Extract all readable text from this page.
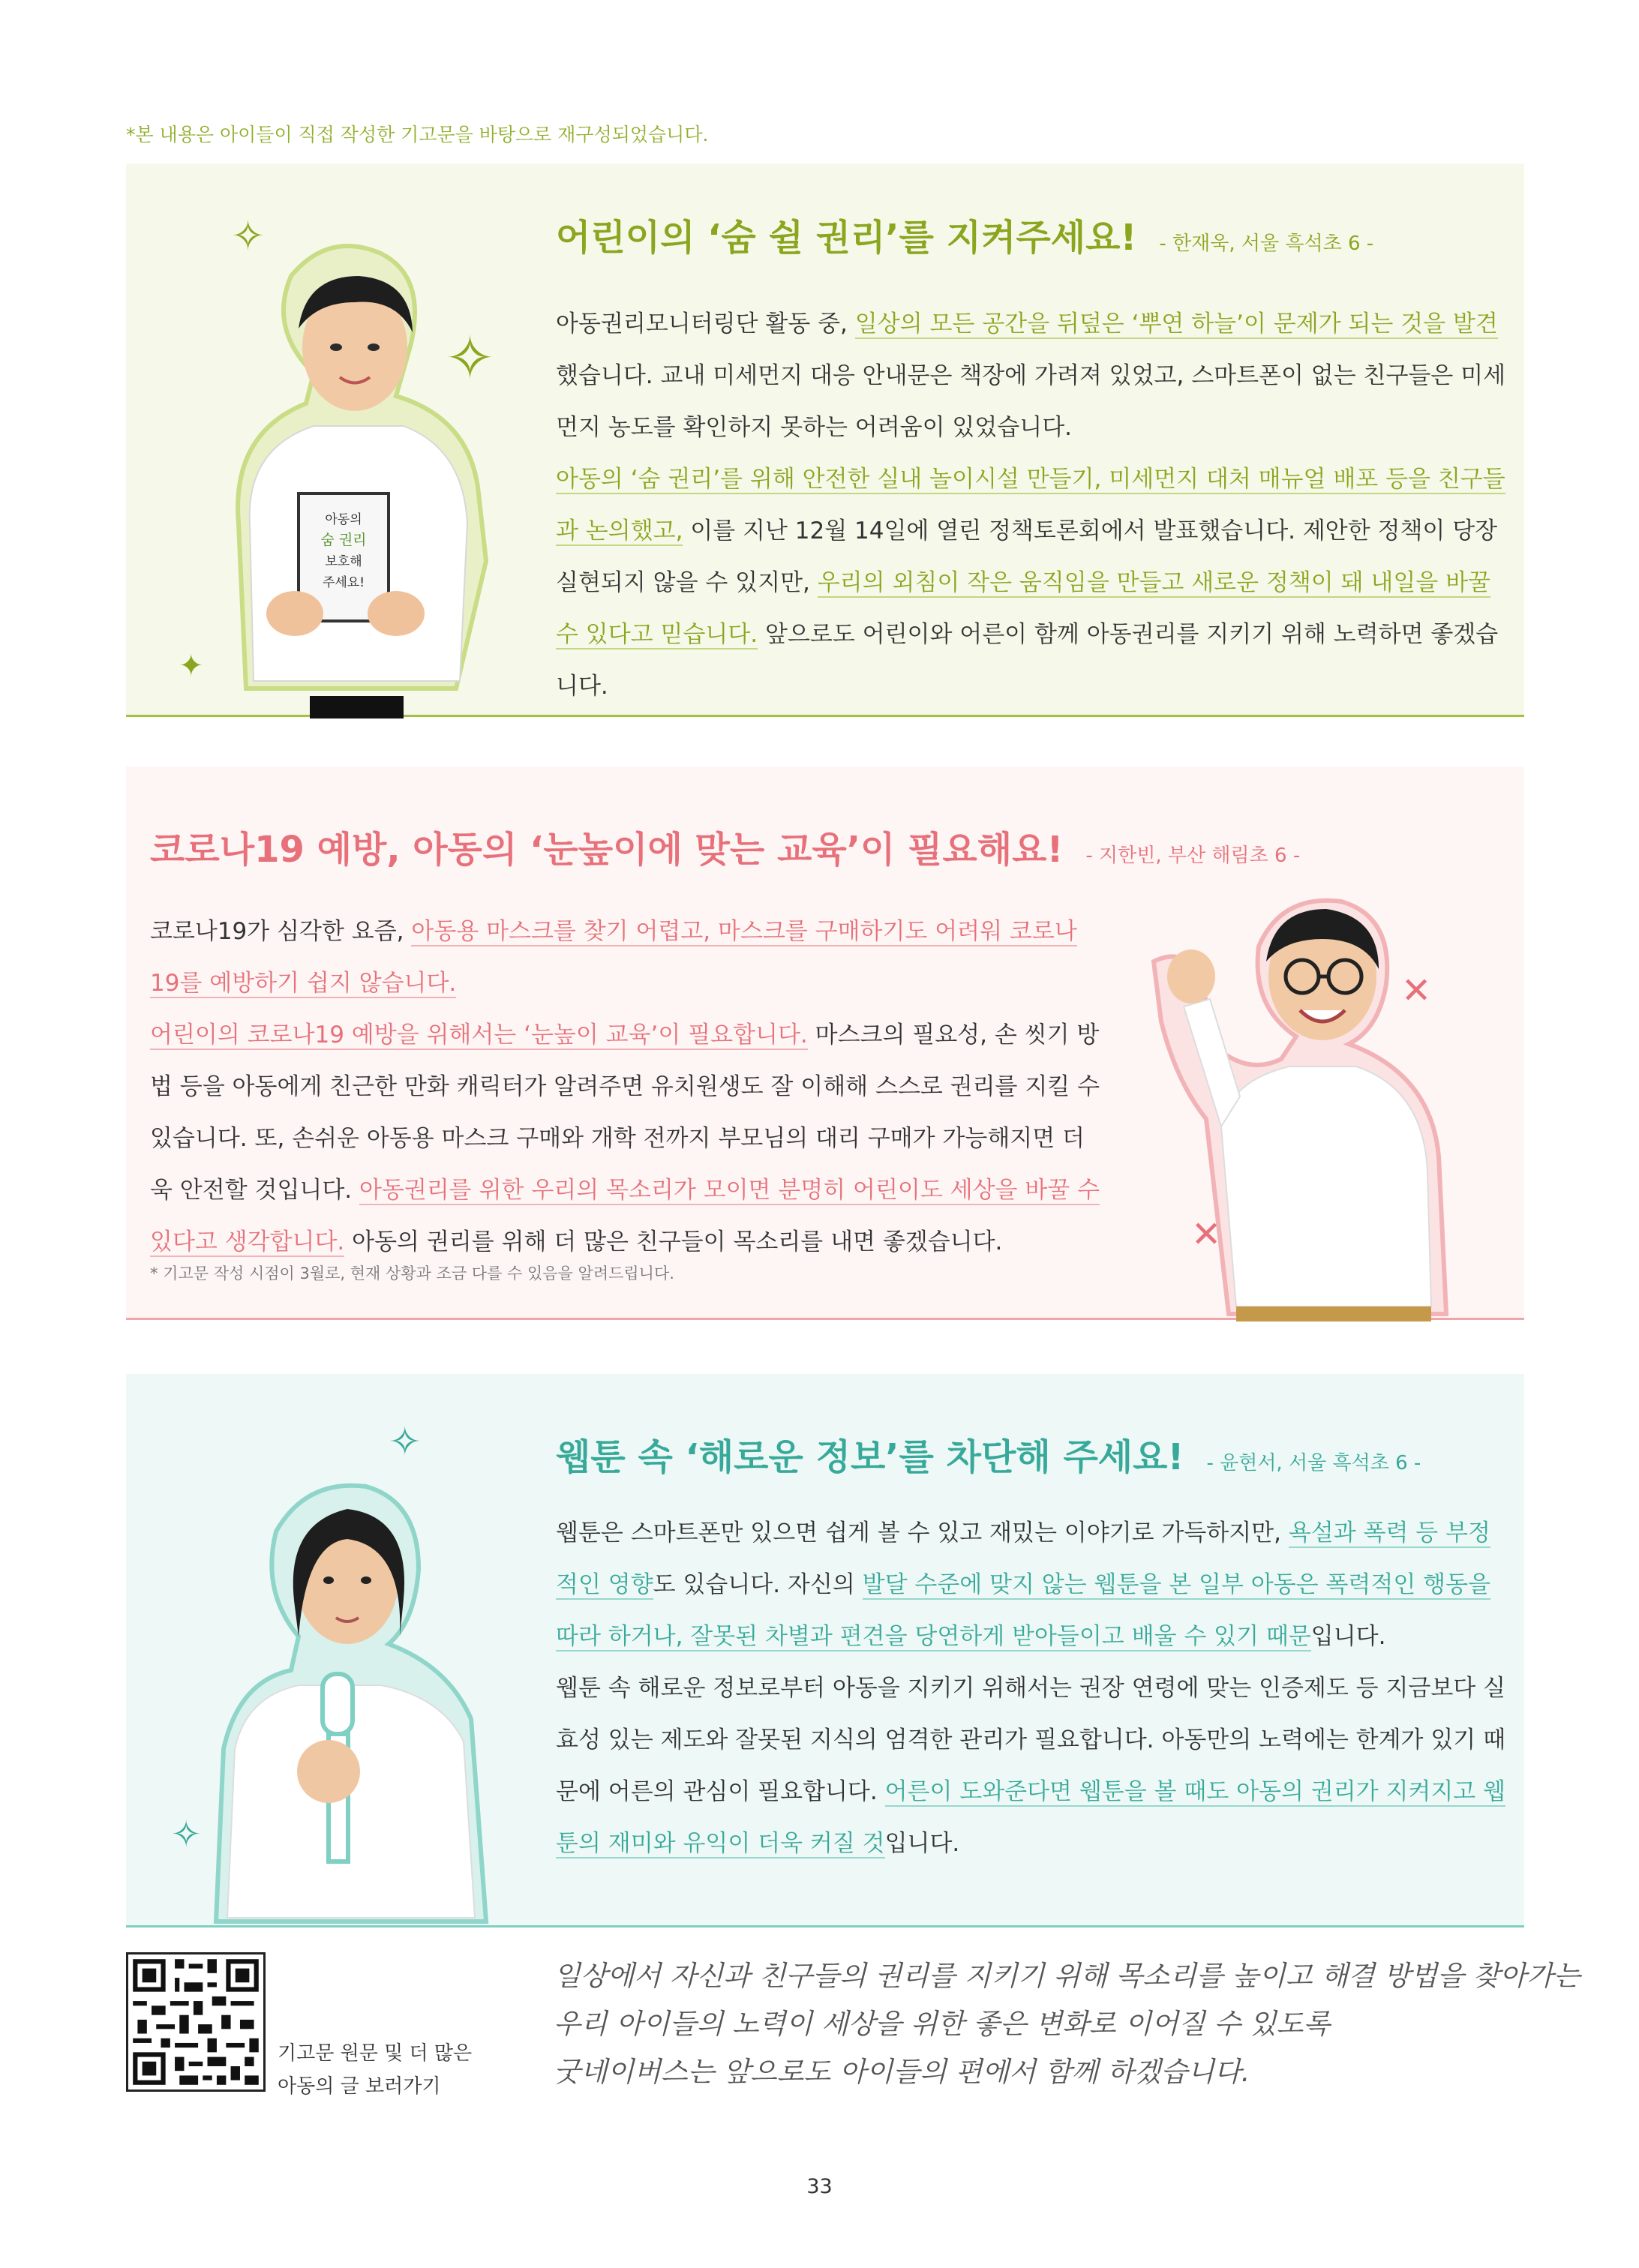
*본 내용은 아이들이 직접 작성한 기고문을 바탕으로 재구성되었습니다.
어린이의 ‘숨 쉴 권리’를 지켜주세요! - 한재욱, 서울 흑석초 6 -
아동권리모니터링단 활동 중, 일상의 모든 공간을 뒤덮은 ‘뿌연 하늘’이 문제가 되는 것을 발견했습니다. 교내 미세먼지 대응 안내문은 책장에 가려져 있었고, 스마트폰이 없는 친구들은 미세먼지 농도를 확인하지 못하는 어려움이 있었습니다.
아동의 ‘숨 권리’를 위해 안전한 실내 놀이시설 만들기, 미세먼지 대처 매뉴얼 배포 등을 친구들과 논의했고, 이를 지난 12월 14일에 열린 정책토론회에서 발표했습니다. 제안한 정책이 당장 실현되지 않을 수 있지만, 우리의 외침이 작은 움직임을 만들고 새로운 정책이 돼 내일을 바꿀 수 있다고 믿습니다. 앞으로도 어린이와 어른이 함께 아동권리를 지키기 위해 노력하면 좋겠습니다.
아동의
숨 권리
보호해
주세요!
✧
✧
✦
코로나19 예방, 아동의 ‘눈높이에 맞는 교육’이 필요해요! - 지한빈, 부산 해림초 6 -
코로나19가 심각한 요즘, 아동용 마스크를 찾기 어렵고, 마스크를 구매하기도 어려워 코로나19를 예방하기 쉽지 않습니다.
어린이의 코로나19 예방을 위해서는 ‘눈높이 교육’이 필요합니다. 마스크의 필요성, 손 씻기 방법 등을 아동에게 친근한 만화 캐릭터가 알려주면 유치원생도 잘 이해해 스스로 권리를 지킬 수 있습니다. 또, 손쉬운 아동용 마스크 구매와 개학 전까지 부모님의 대리 구매가 가능해지면 더욱 안전할 것입니다. 아동권리를 위한 우리의 목소리가 모이면 분명히 어린이도 세상을 바꿀 수 있다고 생각합니다. 아동의 권리를 위해 더 많은 친구들이 목소리를 내면 좋겠습니다.
* 기고문 작성 시점이 3월로, 현재 상황과 조금 다를 수 있음을 알려드립니다.
✕
✕
웹툰 속 ‘해로운 정보’를 차단해 주세요! - 윤현서, 서울 흑석초 6 -
웹툰은 스마트폰만 있으면 쉽게 볼 수 있고 재밌는 이야기로 가득하지만, 욕설과 폭력 등 부정적인 영향도 있습니다. 자신의 발달 수준에 맞지 않는 웹툰을 본 일부 아동은 폭력적인 행동을 따라 하거나, 잘못된 차별과 편견을 당연하게 받아들이고 배울 수 있기 때문입니다.
웹툰 속 해로운 정보로부터 아동을 지키기 위해서는 권장 연령에 맞는 인증제도 등 지금보다 실효성 있는 제도와 잘못된 지식의 엄격한 관리가 필요합니다. 아동만의 노력에는 한계가 있기 때문에 어른의 관심이 필요합니다. 어른이 도와준다면 웹툰을 볼 때도 아동의 권리가 지켜지고 웹툰의 재미와 유익이 더욱 커질 것입니다.
✧
✧
기고문 원문 및 더 많은
아동의 글 보러가기
일상에서 자신과 친구들의 권리를 지키기 위해 목소리를 높이고 해결 방법을 찾아가는
우리 아이들의 노력이 세상을 위한 좋은 변화로 이어질 수 있도록
굿네이버스는 앞으로도 아이들의 편에서 함께 하겠습니다.
33
